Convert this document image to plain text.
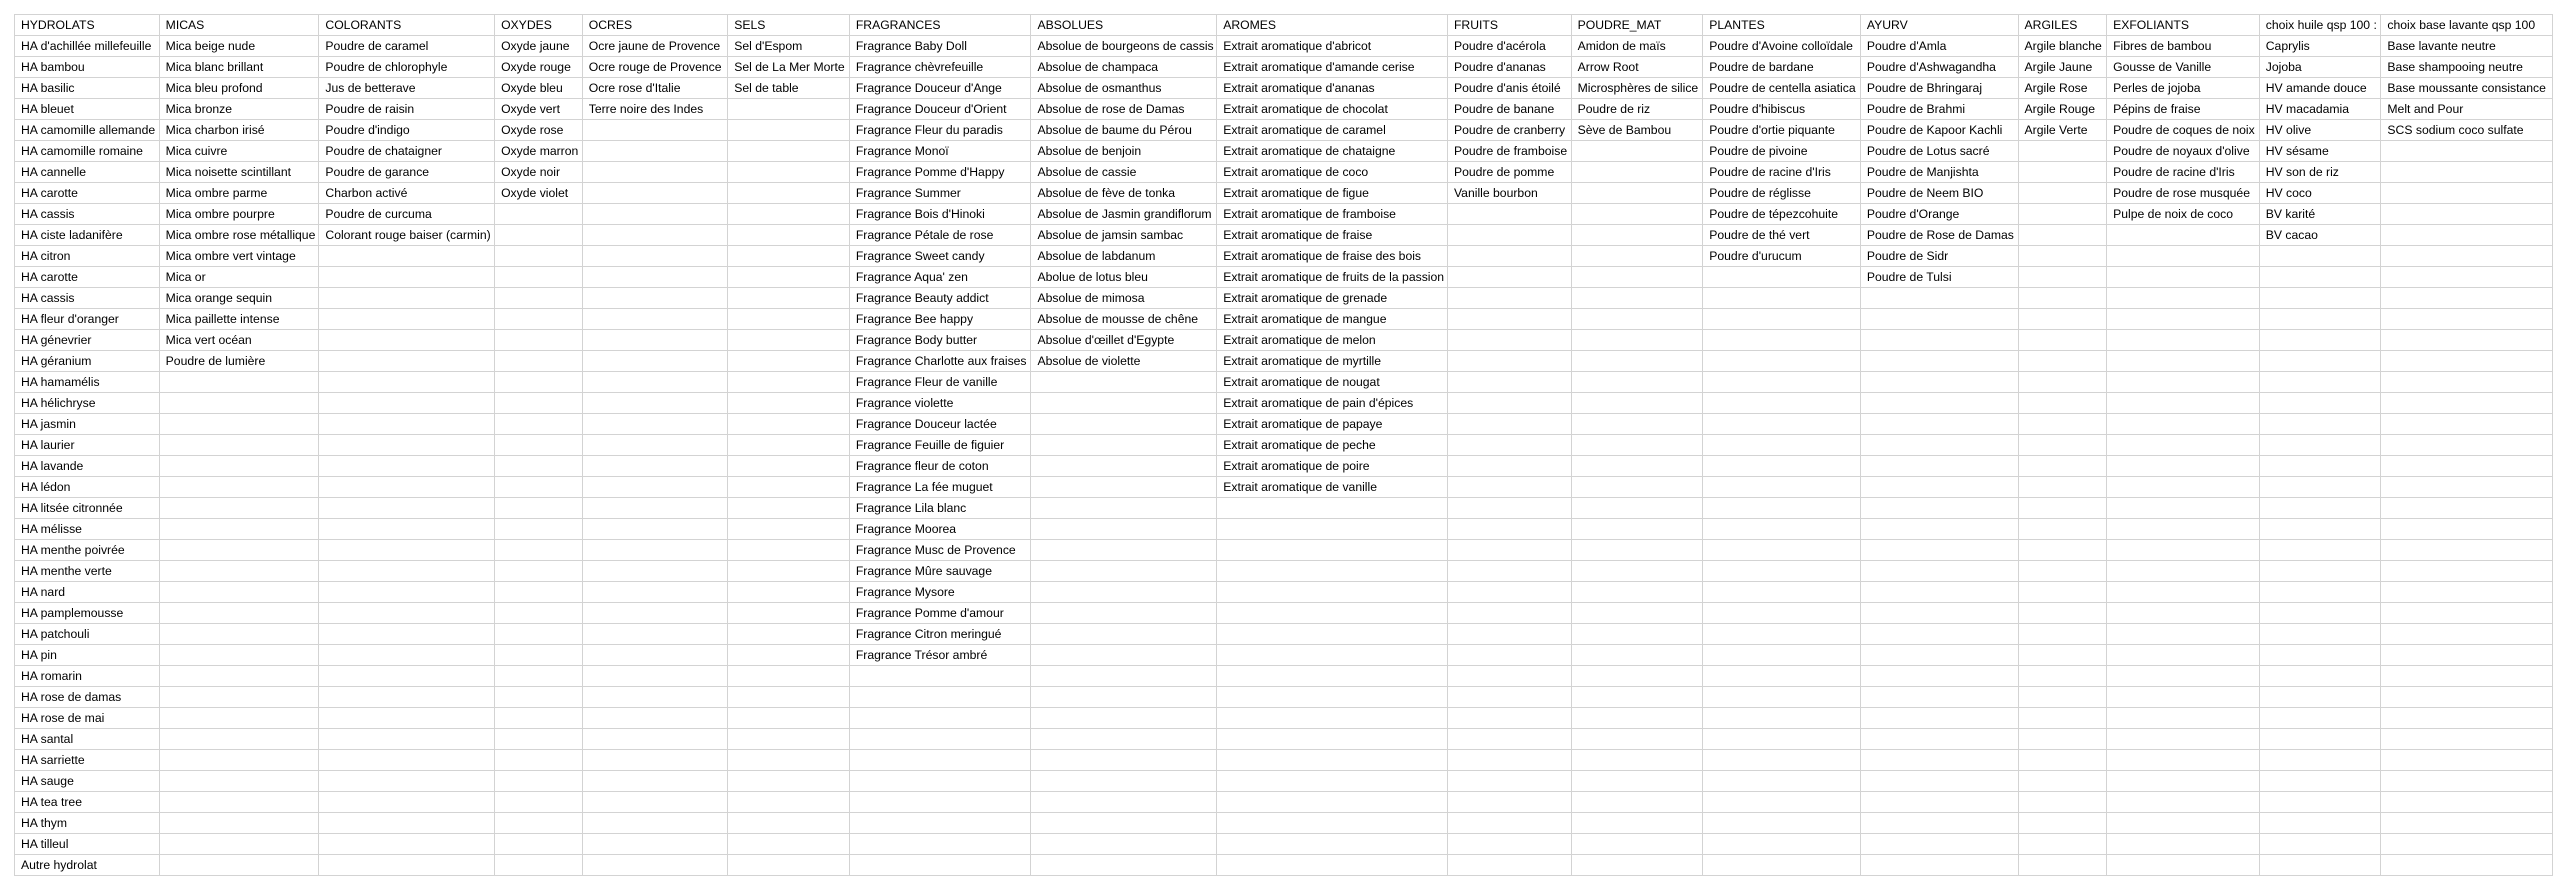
HYDROLATS	MICAS	COLORANTS	OXYDES	OCRES	SELS	FRAGRANCES	ABSOLUES	AROMES	FRUITS	POUDRE_MAT	PLANTES	AYURV	ARGILES	EXFOLIANTS	choix huile qsp 100 :	choix base lavante qsp 100
HA d'achillée millefeuille	Mica beige nude	Poudre de caramel	Oxyde jaune	Ocre jaune de Provence	Sel d'Espom	Fragrance Baby Doll	Absolue de bourgeons de cassis	Extrait aromatique d'abricot	Poudre d'acérola	Amidon de maïs	Poudre d'Avoine colloïdale	Poudre d'Amla	Argile blanche	Fibres de bambou	Caprylis	Base lavante neutre
HA bambou	Mica blanc brillant	Poudre de chlorophyle	Oxyde rouge	Ocre rouge de Provence	Sel de La Mer Morte	Fragrance chèvrefeuille	Absolue de champaca	Extrait aromatique d'amande cerise	Poudre d'ananas	Arrow Root	Poudre de bardane	Poudre d'Ashwagandha	Argile Jaune	Gousse de Vanille	Jojoba	Base shampooing neutre
HA basilic	Mica bleu profond	Jus de betterave	Oxyde bleu	Ocre rose d'Italie	Sel de table	Fragrance Douceur d'Ange	Absolue de osmanthus	Extrait aromatique d'ananas	Poudre d'anis étoilé	Microsphères de silice	Poudre de centella asiatica	Poudre de Bhringaraj	Argile Rose	Perles de jojoba	HV amande douce	Base moussante consistance
HA bleuet	Mica bronze	Poudre de raisin	Oxyde vert	Terre noire des Indes		Fragrance Douceur d'Orient	Absolue de rose de Damas	Extrait aromatique de chocolat	Poudre de banane	Poudre de riz	Poudre d'hibiscus	Poudre de Brahmi	Argile Rouge	Pépins de fraise	HV macadamia	Melt and Pour
HA camomille allemande	Mica charbon irisé	Poudre d'indigo	Oxyde rose			Fragrance Fleur du paradis	Absolue de baume du Pérou	Extrait aromatique de caramel	Poudre de cranberry	Sève de Bambou	Poudre d'ortie piquante	Poudre de Kapoor Kachli	Argile Verte	Poudre de coques de noix	HV olive	SCS sodium coco sulfate
HA camomille romaine	Mica cuivre	Poudre de chataigner	Oxyde marron			Fragrance Monoï	Absolue de benjoin	Extrait aromatique de chataigne	Poudre de framboise		Poudre de pivoine	Poudre de Lotus sacré		Poudre de noyaux d'olive	HV sésame	
HA cannelle	Mica noisette scintillant	Poudre de garance	Oxyde noir			Fragrance Pomme d'Happy	Absolue de cassie	Extrait aromatique de coco	Poudre de pomme		Poudre de racine d'Iris	Poudre de Manjishta		Poudre de racine d'Iris	HV son de riz	
HA carotte	Mica ombre parme	Charbon activé	Oxyde violet			Fragrance Summer	Absolue de fève de tonka	Extrait aromatique de figue	Vanille bourbon		Poudre de réglisse	Poudre de Neem BIO		Poudre de rose musquée	HV coco	
HA cassis	Mica ombre pourpre	Poudre de curcuma				Fragrance Bois d'Hinoki	Absolue de Jasmin grandiflorum	Extrait aromatique de framboise			Poudre de tépezcohuite	Poudre d'Orange		Pulpe de noix de coco	BV karité	
HA ciste ladanifère	Mica ombre rose métallique	Colorant rouge baiser (carmin)				Fragrance Pétale de rose	Absolue de jamsin sambac	Extrait aromatique de fraise			Poudre de thé vert	Poudre de Rose de Damas			BV cacao	
HA citron	Mica ombre vert vintage					Fragrance Sweet candy	Absolue de labdanum	Extrait aromatique de fraise des bois			Poudre d'urucum	Poudre de Sidr				
HA carotte	Mica or					Fragrance Aqua' zen	Abolue de lotus bleu	Extrait aromatique de fruits de la passion				Poudre de Tulsi				
HA cassis	Mica orange sequin					Fragrance Beauty addict	Absolue de mimosa	Extrait aromatique de grenade								
HA fleur d'oranger	Mica paillette intense					Fragrance Bee happy	Absolue de mousse de chêne	Extrait aromatique de mangue								
HA génevrier	Mica vert océan					Fragrance Body butter	Absolue d'œillet d'Egypte	Extrait aromatique de melon								
HA géranium	Poudre de lumière					Fragrance Charlotte aux fraises	Absolue de violette	Extrait aromatique de myrtille								
HA hamamélis						Fragrance Fleur de vanille		Extrait aromatique de nougat								
HA hélichryse						Fragrance violette		Extrait aromatique de pain d'épices								
HA jasmin						Fragrance Douceur lactée		Extrait aromatique de papaye								
HA laurier						Fragrance Feuille de figuier		Extrait aromatique de peche								
HA lavande						Fragrance fleur de coton		Extrait aromatique de poire								
HA lédon						Fragrance La fée muguet		Extrait aromatique de vanille								
HA litsée citronnée						Fragrance Lila blanc										
HA mélisse						Fragrance Moorea										
HA menthe poivrée						Fragrance Musc de Provence										
HA menthe verte						Fragrance Mûre sauvage										
HA nard						Fragrance Mysore										
HA pamplemousse						Fragrance Pomme d'amour										
HA patchouli						Fragrance Citron meringué										
HA pin						Fragrance Trésor ambré										
HA romarin																
HA rose de damas																
HA rose de mai																
HA santal																
HA sarriette																
HA sauge																
HA tea tree																
HA thym																
HA tilleul																
Autre hydrolat																
